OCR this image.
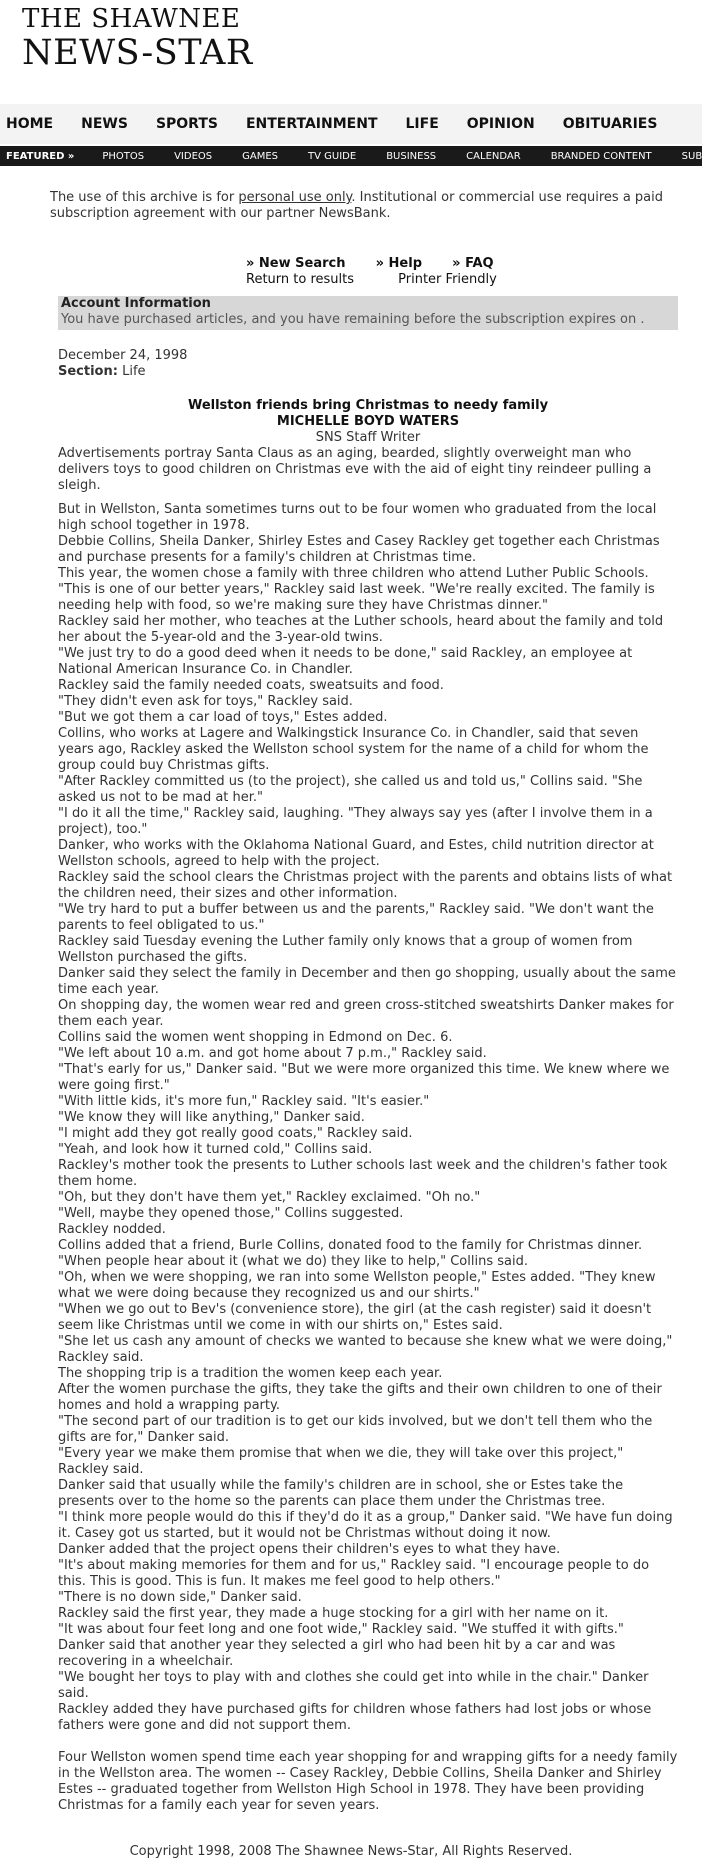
THE SHAWNEE
NEWS-STAR
HOME NEWS SPORTS ENTERTAINMENT LIFE OPINION OBITUARIES
FEATURED »	PHOTOS	VIDEOS	GAMES	TV GUIDE	BUSINESS	CALENDAR	BRANDED CONTENT	SUBMIT
The use of this archive is for personal use only. Institutional or commercial use requires a paid subscription agreement with our partner NewsBank.
» New Search » Help » FAQ
Return to results	Printer Friendly
Account Information
You have purchased articles, and you have remaining before the subscription expires on .
December 24, 1998
Section: Life
Wellston friends bring Christmas to needy family
MICHELLE BOYD WATERS
SNS Staff Writer

Advertisements portray Santa Claus as an aging, bearded, slightly overweight man who delivers toys to good children on Christmas eve with the aid of eight tiny reindeer pulling a sleigh.

But in Wellston, Santa sometimes turns out to be four women who graduated from the local high school together in 1978.

Debbie Collins, Sheila Danker, Shirley Estes and Casey Rackley get together each Christmas and purchase presents for a family's children at Christmas time.

This year, the women chose a family with three children who attend Luther Public Schools.

"This is one of our better years," Rackley said last week. "We're really excited. The family is needing help with food, so we're making sure they have Christmas dinner."

Rackley said her mother, who teaches at the Luther schools, heard about the family and told her about the 5-year-old and the 3-year-old twins.

"We just try to do a good deed when it needs to be done," said Rackley, an employee at National American Insurance Co. in Chandler.

Rackley said the family needed coats, sweatsuits and food.

"They didn't even ask for toys," Rackley said.

"But we got them a car load of toys," Estes added.

Collins, who works at Lagere and Walkingstick Insurance Co. in Chandler, said that seven years ago, Rackley asked the Wellston school system for the name of a child for whom the group could buy Christmas gifts.

"After Rackley committed us (to the project), she called us and told us," Collins said. "She asked us not to be mad at her."

"I do it all the time," Rackley said, laughing. "They always say yes (after I involve them in a project), too."

Danker, who works with the Oklahoma National Guard, and Estes, child nutrition director at Wellston schools, agreed to help with the project.

Rackley said the school clears the Christmas project with the parents and obtains lists of what the children need, their sizes and other information.

"We try hard to put a buffer between us and the parents," Rackley said. "We don't want the parents to feel obligated to us."

Rackley said Tuesday evening the Luther family only knows that a group of women from Wellston purchased the gifts.

Danker said they select the family in December and then go shopping, usually about the same time each year.

On shopping day, the women wear red and green cross-stitched sweatshirts Danker makes for them each year.

Collins said the women went shopping in Edmond on Dec. 6.

"We left about 10 a.m. and got home about 7 p.m.," Rackley said.

"That's early for us," Danker said. "But we were more organized this time. We knew where we were going first."

"With little kids, it's more fun," Rackley said. "It's easier."

"We know they will like anything," Danker said.

"I might add they got really good coats," Rackley said.

"Yeah, and look how it turned cold," Collins said.

Rackley's mother took the presents to Luther schools last week and the children's father took them home.

"Oh, but they don't have them yet," Rackley exclaimed. "Oh no."

"Well, maybe they opened those," Collins suggested.

Rackley nodded.

Collins added that a friend, Burle Collins, donated food to the family for Christmas dinner.

"When people hear about it (what we do) they like to help," Collins said.

"Oh, when we were shopping, we ran into some Wellston people," Estes added. "They knew what we were doing because they recognized us and our shirts."

"When we go out to Bev's (convenience store), the girl (at the cash register) said it doesn't seem like Christmas until we come in with our shirts on," Estes said.

"She let us cash any amount of checks we wanted to because she knew what we were doing," Rackley said.

The shopping trip is a tradition the women keep each year.

After the women purchase the gifts, they take the gifts and their own children to one of their homes and hold a wrapping party.

"The second part of our tradition is to get our kids involved, but we don't tell them who the gifts are for," Danker said.

"Every year we make them promise that when we die, they will take over this project," Rackley said.

Danker said that usually while the family's children are in school, she or Estes take the presents over to the home so the parents can place them under the Christmas tree.

"I think more people would do this if they'd do it as a group," Danker said. "We have fun doing it. Casey got us started, but it would not be Christmas without doing it now.

Danker added that the project opens their children's eyes to what they have.

"It's about making memories for them and for us," Rackley said. "I encourage people to do this. This is good. This is fun. It makes me feel good to help others."

"There is no down side," Danker said.

Rackley said the first year, they made a huge stocking for a girl with her name on it.

"It was about four feet long and one foot wide," Rackley said. "We stuffed it with gifts."

Danker said that another year they selected a girl who had been hit by a car and was recovering in a wheelchair.

"We bought her toys to play with and clothes she could get into while in the chair." Danker said.

Rackley added they have purchased gifts for children whose fathers had lost jobs or whose fathers were gone and did not support them.

Four Wellston women spend time each year shopping for and wrapping gifts for a needy family in the Wellston area. The women -- Casey Rackley, Debbie Collins, Sheila Danker and Shirley Estes -- graduated together from Wellston High School in 1978. They have been providing Christmas for a family each year for seven years.
Copyright 1998, 2008 The Shawnee News-Star, All Rights Reserved.
